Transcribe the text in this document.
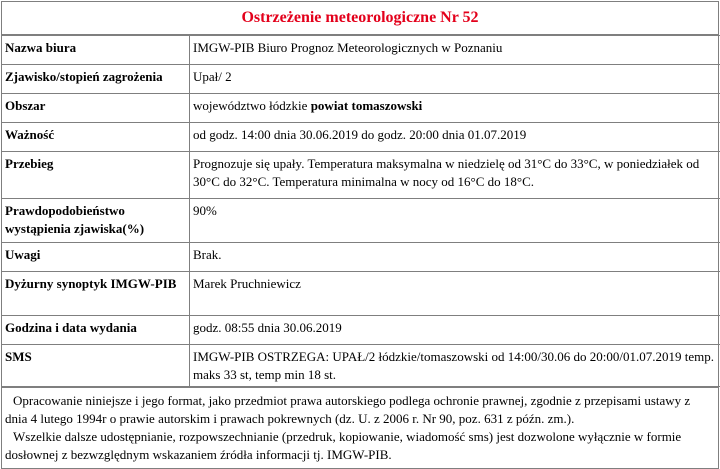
Ostrzeżenie meteorologiczne Nr 52
Nazwa biura	IMGW-PIB Biuro Prognoz Meteorologicznych w Poznaniu
Zjawisko/stopień zagrożenia	Upał/ 2
Obszar	województwo łódzkie powiat tomaszowski
Ważność	od godz. 14:00 dnia 30.06.2019 do godz. 20:00 dnia 01.07.2019
Przebieg	Prognozuje się upały. Temperatura maksymalna w niedzielę od 31°C do 33°C, w poniedziałek od 30°C do 32°C. Temperatura minimalna w nocy od 16°C do 18°C.
Prawdopodobieństwo wystąpienia zjawiska(%)	90%
Uwagi	Brak.
Dyżurny synoptyk IMGW-PIB	Marek Pruchniewicz
Godzina i data wydania	godz. 08:55 dnia 30.06.2019
SMS	IMGW-PIB OSTRZEGA: UPAŁ/2 łódzkie/tomaszowski od 14:00/30.06 do 20:00/01.07.2019 temp. maks 33 st, temp min 18 st.

Opracowanie niniejsze i jego format, jako przedmiot prawa autorskiego podlega ochronie prawnej, zgodnie z przepisami ustawy z dnia 4 lutego 1994r o prawie autorskim i prawach pokrewnych (dz. U. z 2006 r. Nr 90, poz. 631 z późn. zm.).

Wszelkie dalsze udostępnianie, rozpowszechnianie (przedruk, kopiowanie, wiadomość sms) jest dozwolone wyłącznie w formie dosłownej z bezwzględnym wskazaniem źródła informacji tj. IMGW-PIB.
